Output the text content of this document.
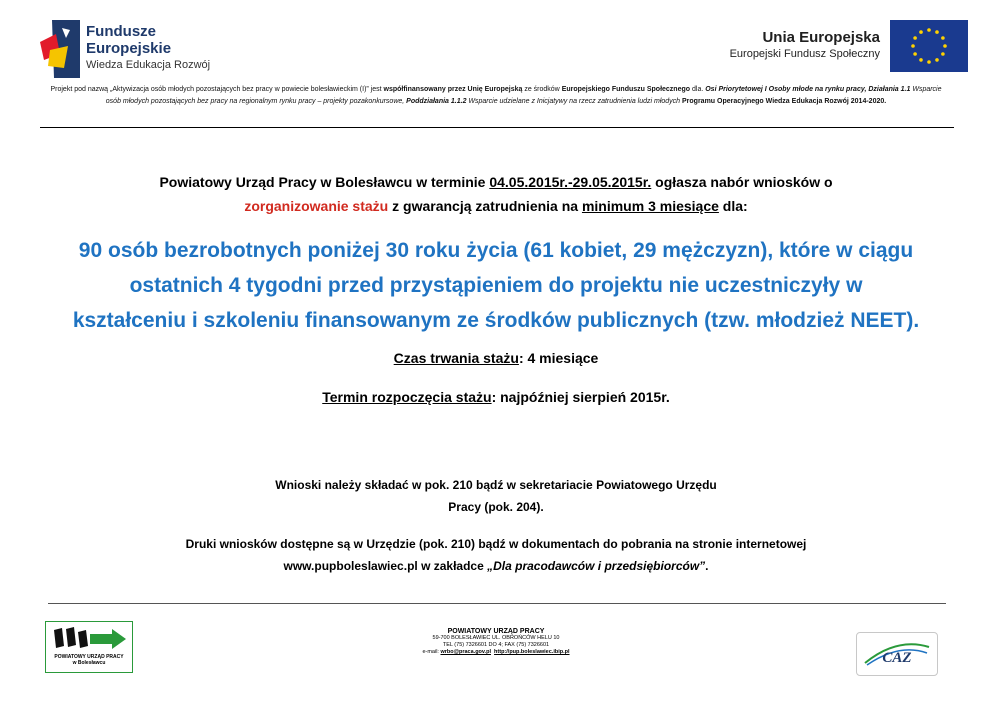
Fundusze
Europejskie
Wiedza Edukacja Rozwój
Unia Europejska
Europejski Fundusz Społeczny
Projekt pod nazwą „Aktywizacja osób młodych pozostających bez pracy w powiecie bolesławieckim (I)” jest współfinansowany przez Unię Europejską ze środków Europejskiego Funduszu Społecznego dla. Osi Priorytetowej I Osoby młode na rynku pracy, Działania 1.1 Wsparcie osób młodych pozostających bez pracy na regionalnym rynku pracy – projekty pozakonkursowe, Poddziałania 1.1.2 Wsparcie udzielane z Inicjatywy na rzecz zatrudnienia ludzi młodych Programu Operacyjnego Wiedza Edukacja Rozwój 2014-2020.
Powiatowy Urząd Pracy w Bolesławcu w terminie 04.05.2015r.-29.05.2015r. ogłasza nabór wniosków o
zorganizowanie stażu z gwarancją zatrudnienia na minimum 3 miesiące dla:
90 osób bezrobotnych poniżej 30 roku życia (61 kobiet, 29 mężczyzn), które w ciągu
ostatnich 4 tygodni przed przystąpieniem do projektu nie uczestniczyły w
kształceniu i szkoleniu finansowanym ze środków publicznych (tzw. młodzież NEET).
Czas trwania stażu: 4 miesiące
Termin rozpoczęcia stażu: najpóźniej sierpień 2015r.
Wnioski należy składać w pok. 210 bądź w sekretariacie Powiatowego Urzędu
Pracy (pok. 204).
Druki wniosków dostępne są w Urzędzie (pok. 210) bądź w dokumentach do pobrania na stronie internetowej
www.pupboleslawiec.pl w zakładce „Dla pracodawców i przedsiębiorców”.
POWIATOWY URZĄD PRACY
w Bolesławcu
POWIATOWY URZĄD PRACY
59-700 BOLESŁAWIEC UL. OBROŃCÓW HELU 10
TEL (75) 7326601 DO 4; FAX (75) 7326601
e-mail: wrbo@praca.gov.pl http://pup.boleslawiec.ibip.pl	CAZ
